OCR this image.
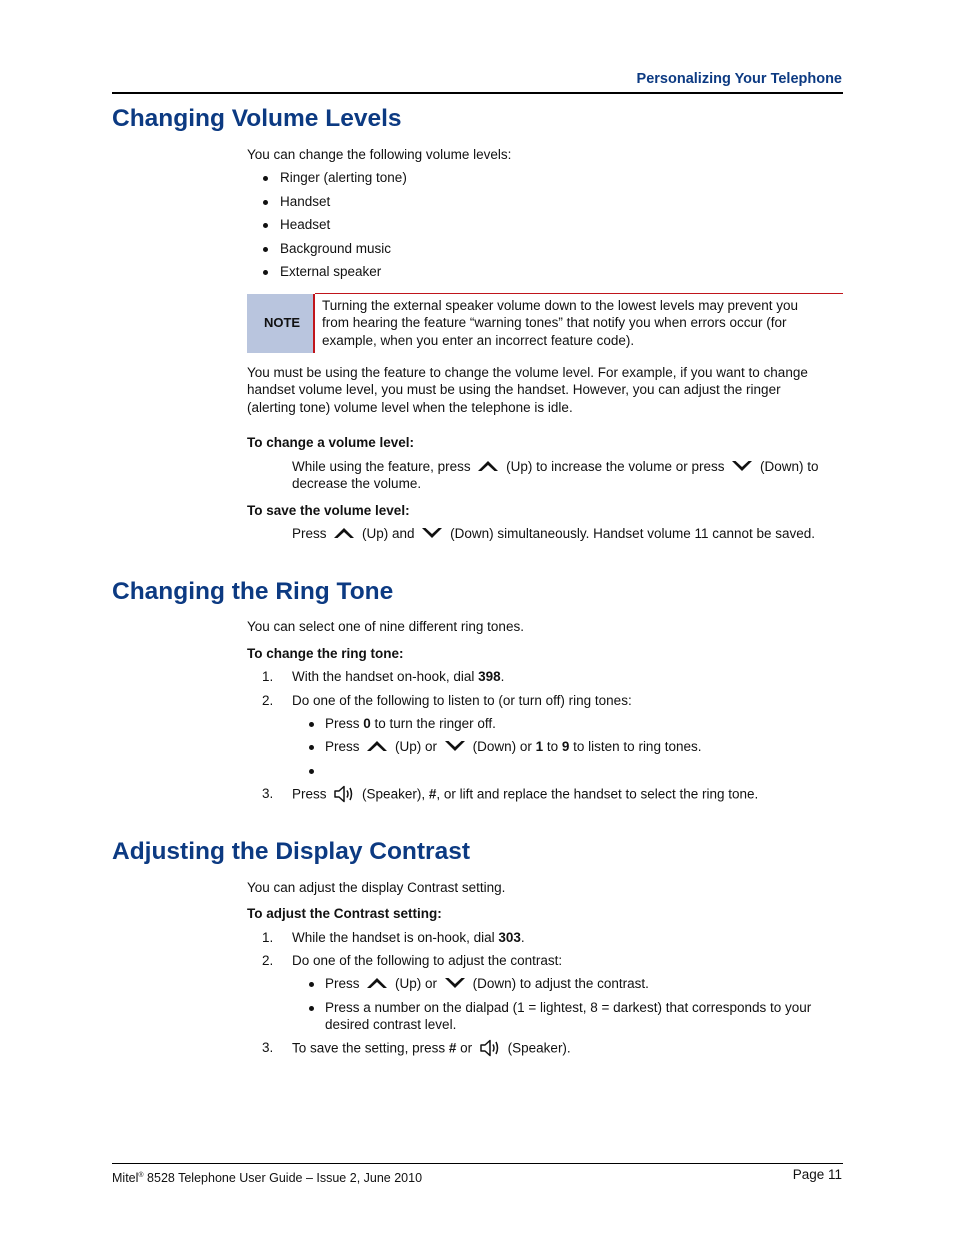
Personalizing Your Telephone
Changing Volume Levels
You can change the following volume levels:
Ringer (alerting tone)
Handset
Headset
Background music
External speaker
NOTE
Turning the external speaker volume down to the lowest levels may prevent you
from hearing the feature “warning tones” that notify you when errors occur (for
example, when you enter an incorrect feature code).
You must be using the feature to change the volume level. For example, if you want to change
handset volume level, you must be using the handset. However, you can adjust the ringer
(alerting tone) volume level when the telephone is idle.
To change a volume level:
While using the feature, press	(Up) to increase the volume or press	(Down) to
decrease the volume.
To save the volume level:
Press	(Up) and	(Down) simultaneously. Handset volume 11 cannot be saved.
Changing the Ring Tone
You can select one of nine different ring tones.
To change the ring tone:
1. With the handset on-hook, dial 398.
2. Do one of the following to listen to (or turn off) ring tones:
Press 0 to turn the ringer off.
Press	(Up) or	(Down) or 1 to 9 to listen to ring tones.
3. Press	(Speaker), #, or lift and replace the handset to select the ring tone.
Adjusting the Display Contrast
You can adjust the display Contrast setting.
To adjust the Contrast setting:
1. While the handset is on-hook, dial 303.
2. Do one of the following to adjust the contrast:
Press	(Up) or	(Down) to adjust the contrast.
Press a number on the dialpad (1 = lightest, 8 = darkest) that corresponds to your
desired contrast level.
3. To save the setting, press # or	(Speaker).
Mitel® 8528 Telephone User Guide – Issue 2, June 2010	Page 11
